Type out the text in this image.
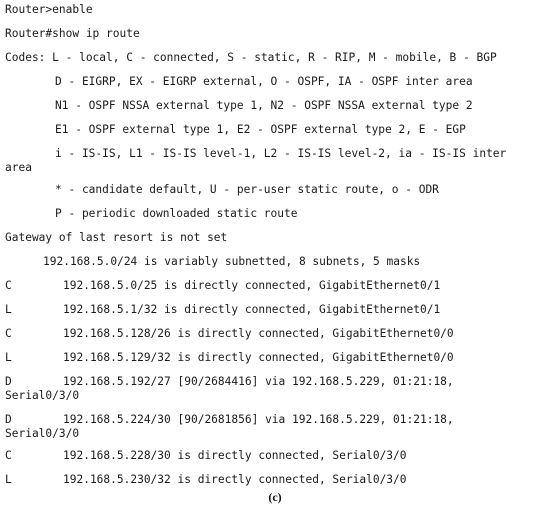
Router>enable
Router#show ip route
Codes: L - local, C - connected, S - static, R - RIP, M - mobile, B - BGP
D - EIGRP, EX - EIGRP external, O - OSPF, IA - OSPF inter area
N1 - OSPF NSSA external type 1, N2 - OSPF NSSA external type 2
E1 - OSPF external type 1, E2 - OSPF external type 2, E - EGP
i - IS-IS, L1 - IS-IS level-1, L2 - IS-IS level-2, ia - IS-IS inter
area
* - candidate default, U - per-user static route, o - ODR
P - periodic downloaded static route
Gateway of last resort is not set
192.168.5.0/24 is variably subnetted, 8 subnets, 5 masks
C	192.168.5.0/25 is directly connected, GigabitEthernet0/1
L	192.168.5.1/32 is directly connected, GigabitEthernet0/1
C	192.168.5.128/26 is directly connected, GigabitEthernet0/0
L	192.168.5.129/32 is directly connected, GigabitEthernet0/0
D	192.168.5.192/27 [90/2684416] via 192.168.5.229, 01:21:18,
Serial0/3/0
D	192.168.5.224/30 [90/2681856] via 192.168.5.229, 01:21:18,
Serial0/3/0
C	192.168.5.228/30 is directly connected, Serial0/3/0
L	192.168.5.230/32 is directly connected, Serial0/3/0
(c)
